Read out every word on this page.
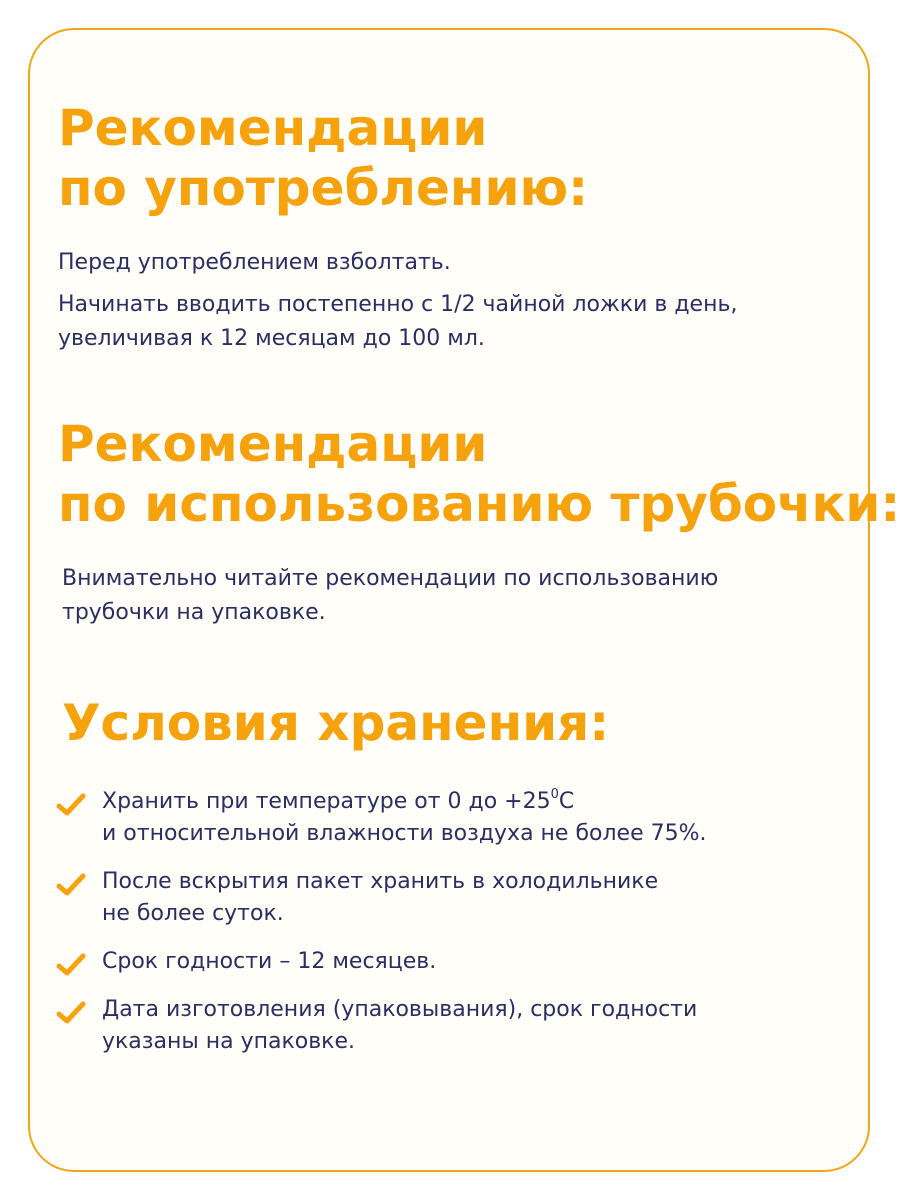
Рекомендации
по употреблению:

Перед употреблением взболтать.

Начинать вводить постепенно с 1/2 чайной ложки в день,
увеличивая к 12 месяцам до 100 мл.

Рекомендации
по использованию трубочки:

Внимательно читайте рекомендации по использованию
трубочки на упаковке.

Условия хранения:
Хранить при температуре от 0 до $+25^0С$
и относительной влажности воздуха не более 75%.
После вскрытия пакет хранить в холодильнике
не более суток.
Срок годности – 12 месяцев.
Дата изготовления (упаковывания), срок годности
указаны на упаковке.
